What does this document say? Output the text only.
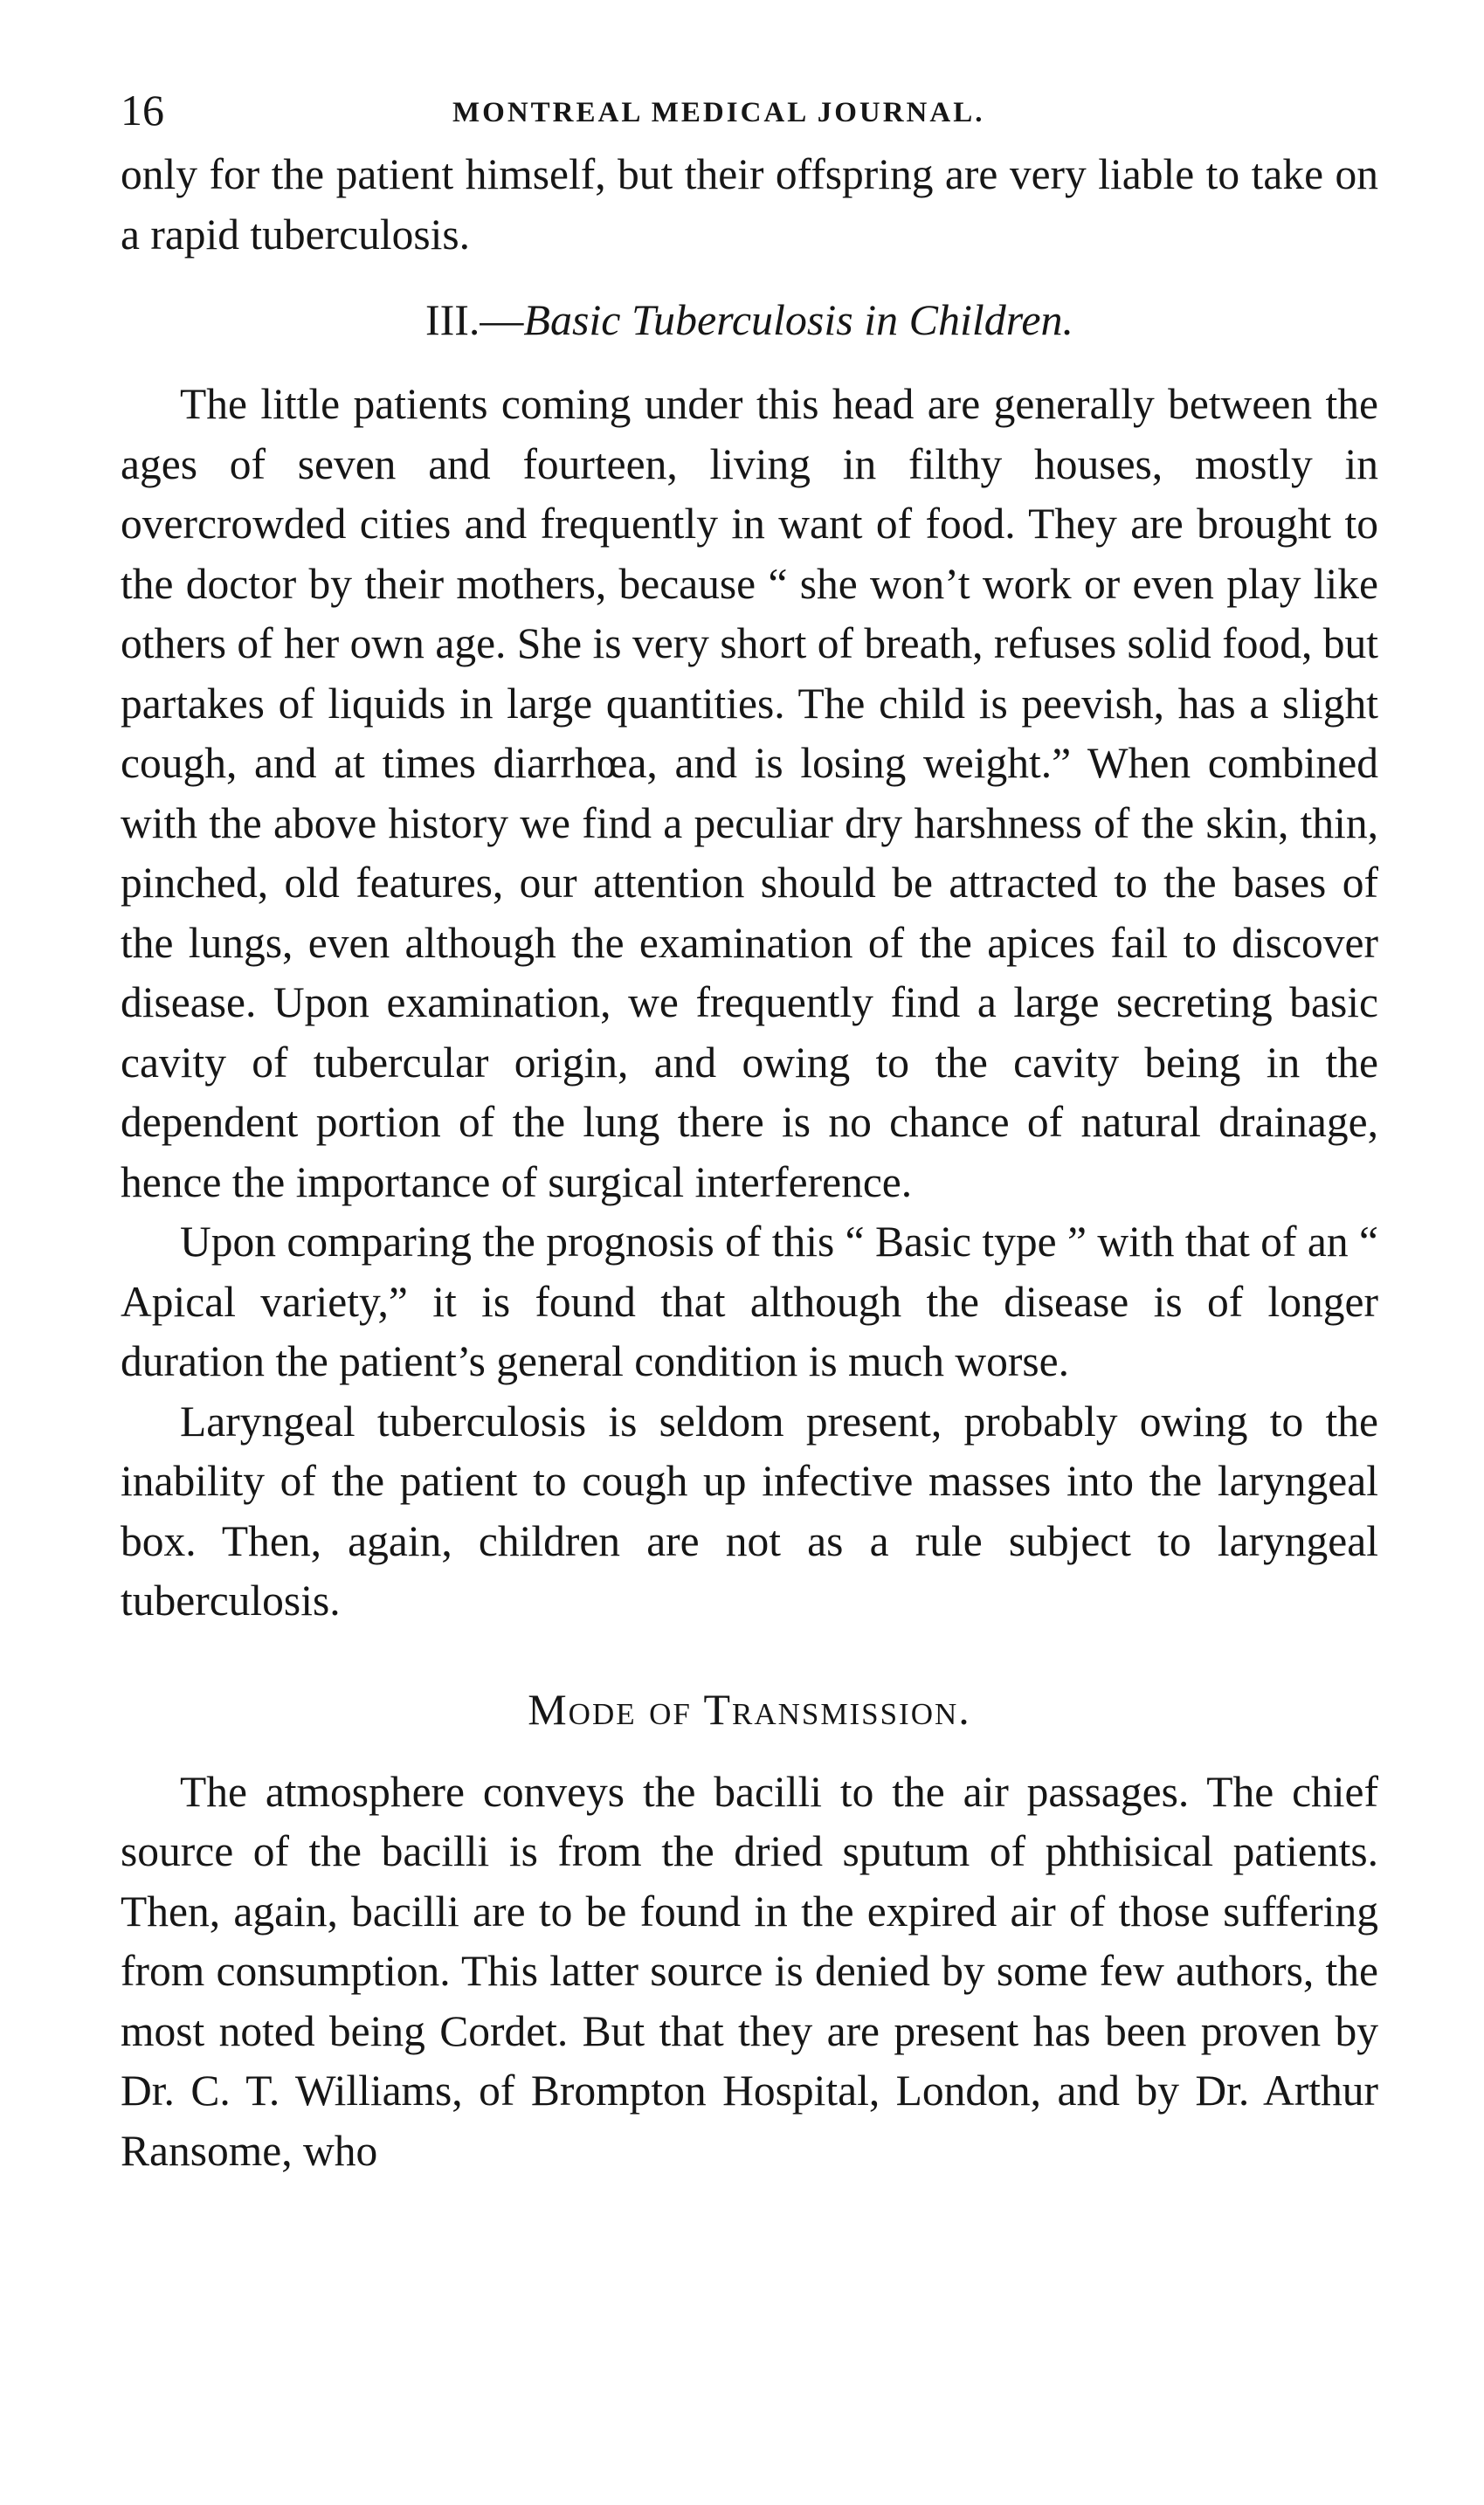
16	MONTREAL MEDICAL JOURNAL.

only for the patient himself, but their offspring are very liable to take on a rapid tuberculosis.

III.—Basic Tuberculosis in Children.

The little patients coming under this head are generally between the ages of seven and fourteen, living in filthy houses, mostly in overcrowded cities and frequently in want of food. They are brought to the doctor by their mothers, because “ she won’t work or even play like others of her own age. She is very short of breath, refuses solid food, but partakes of liquids in large quantities. The child is peevish, has a slight cough, and at times diarrhœa, and is losing weight.” When combined with the above history we find a peculiar dry harshness of the skin, thin, pinched, old features, our attention should be attracted to the bases of the lungs, even although the examination of the apices fail to discover disease. Upon examination, we frequently find a large secreting basic cavity of tubercular origin, and owing to the cavity being in the dependent portion of the lung there is no chance of natural drainage, hence the importance of surgical interference.

Upon comparing the prognosis of this “ Basic type ” with that of an “ Apical variety,” it is found that although the disease is of longer duration the patient’s general condition is much worse.

Laryngeal tuberculosis is seldom present, probably owing to the inability of the patient to cough up infective masses into the laryngeal box. Then, again, children are not as a rule subject to laryngeal tuberculosis.

Mode of Transmission.

The atmosphere conveys the bacilli to the air passages. The chief source of the bacilli is from the dried sputum of phthisical patients. Then, again, bacilli are to be found in the expired air of those suffering from consumption. This latter source is denied by some few authors, the most noted being Cordet. But that they are present has been proven by Dr. C. T. Williams, of Brompton Hospital, London, and by Dr. Arthur Ransome, who
